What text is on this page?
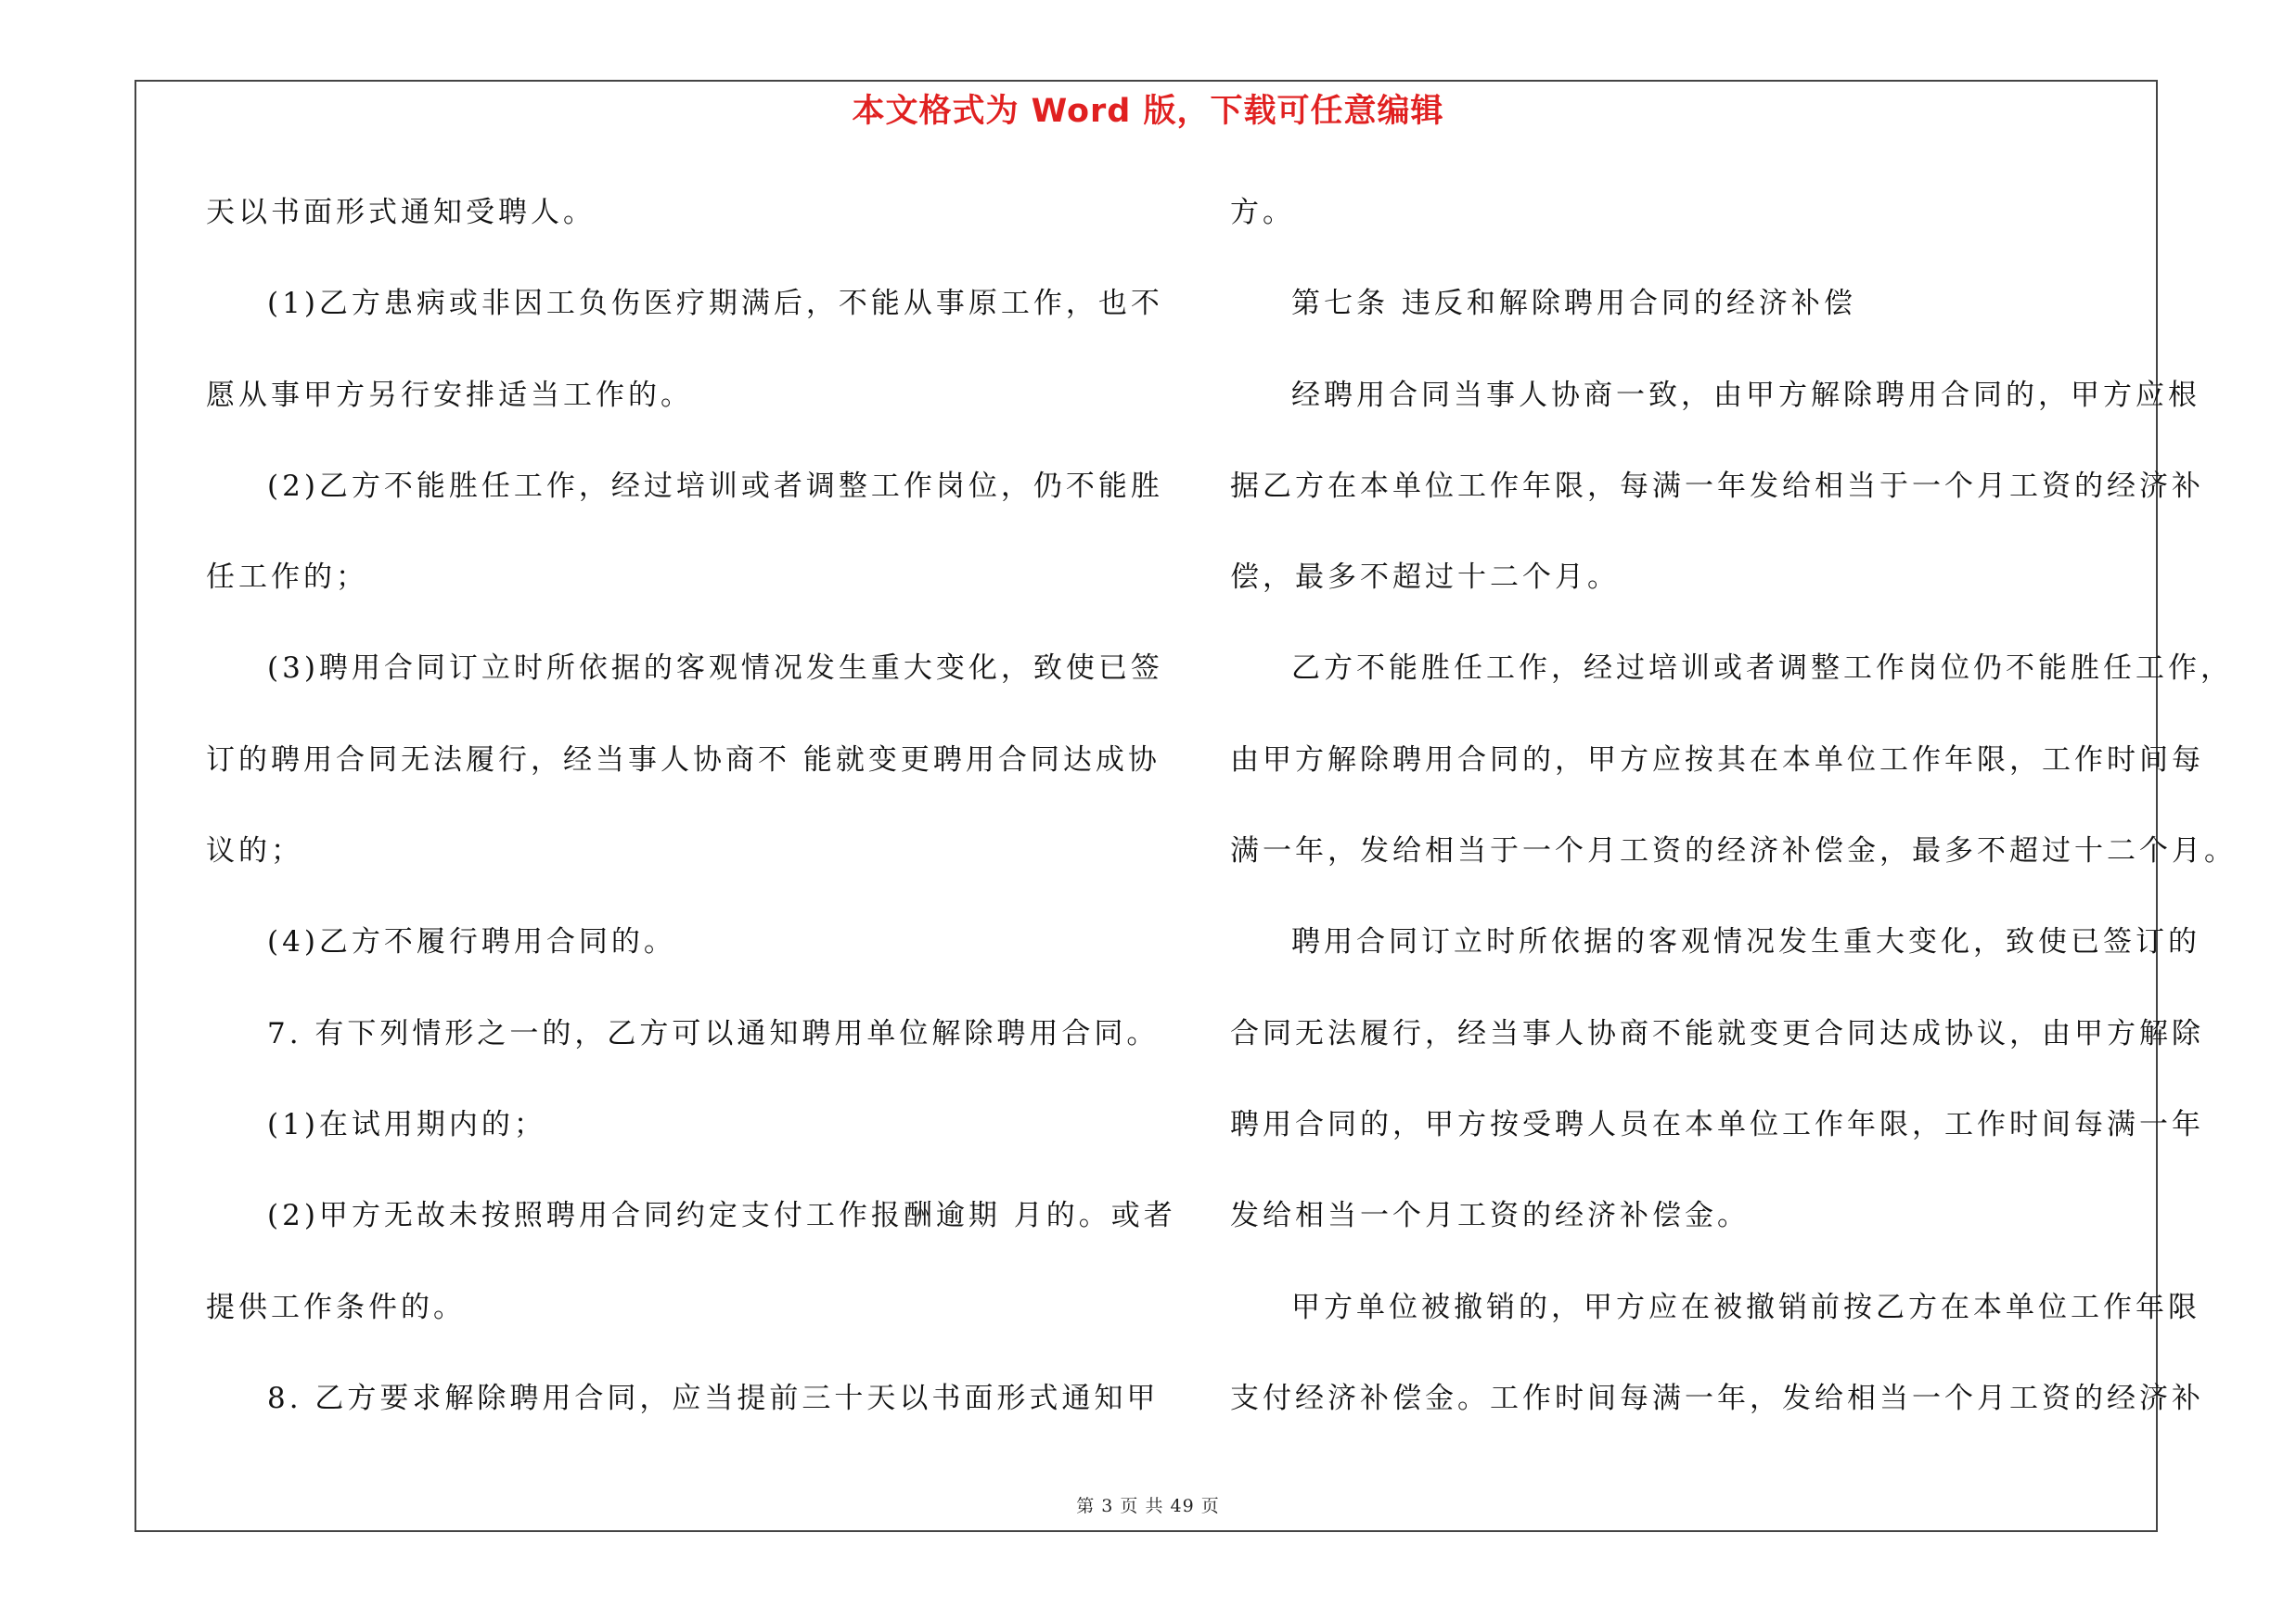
本文格式为 Word 版，下载可任意编辑
天以书面形式通知受聘人。
(1)乙方患病或非因工负伤医疗期满后，不能从事原工作，也不
愿从事甲方另行安排适当工作的。
(2)乙方不能胜任工作，经过培训或者调整工作岗位，仍不能胜
任工作的；
(3)聘用合同订立时所依据的客观情况发生重大变化，致使已签
订的聘用合同无法履行，经当事人协商不 能就变更聘用合同达成协
议的；
(4)乙方不履行聘用合同的。
7. 有下列情形之一的，乙方可以通知聘用单位解除聘用合同。
(1)在试用期内的；
(2)甲方无故未按照聘用合同约定支付工作报酬逾期 月的。或者
提供工作条件的。
8. 乙方要求解除聘用合同，应当提前三十天以书面形式通知甲
方。
第七条 违反和解除聘用合同的经济补偿
经聘用合同当事人协商一致，由甲方解除聘用合同的，甲方应根
据乙方在本单位工作年限，每满一年发给相当于一个月工资的经济补
偿，最多不超过十二个月。
乙方不能胜任工作，经过培训或者调整工作岗位仍不能胜任工作，
由甲方解除聘用合同的，甲方应按其在本单位工作年限，工作时间每
满一年，发给相当于一个月工资的经济补偿金，最多不超过十二个月。
聘用合同订立时所依据的客观情况发生重大变化，致使已签订的
合同无法履行，经当事人协商不能就变更合同达成协议，由甲方解除
聘用合同的，甲方按受聘人员在本单位工作年限，工作时间每满一年
发给相当一个月工资的经济补偿金。
甲方单位被撤销的，甲方应在被撤销前按乙方在本单位工作年限
支付经济补偿金。工作时间每满一年，发给相当一个月工资的经济补
第 3 页 共 49 页
